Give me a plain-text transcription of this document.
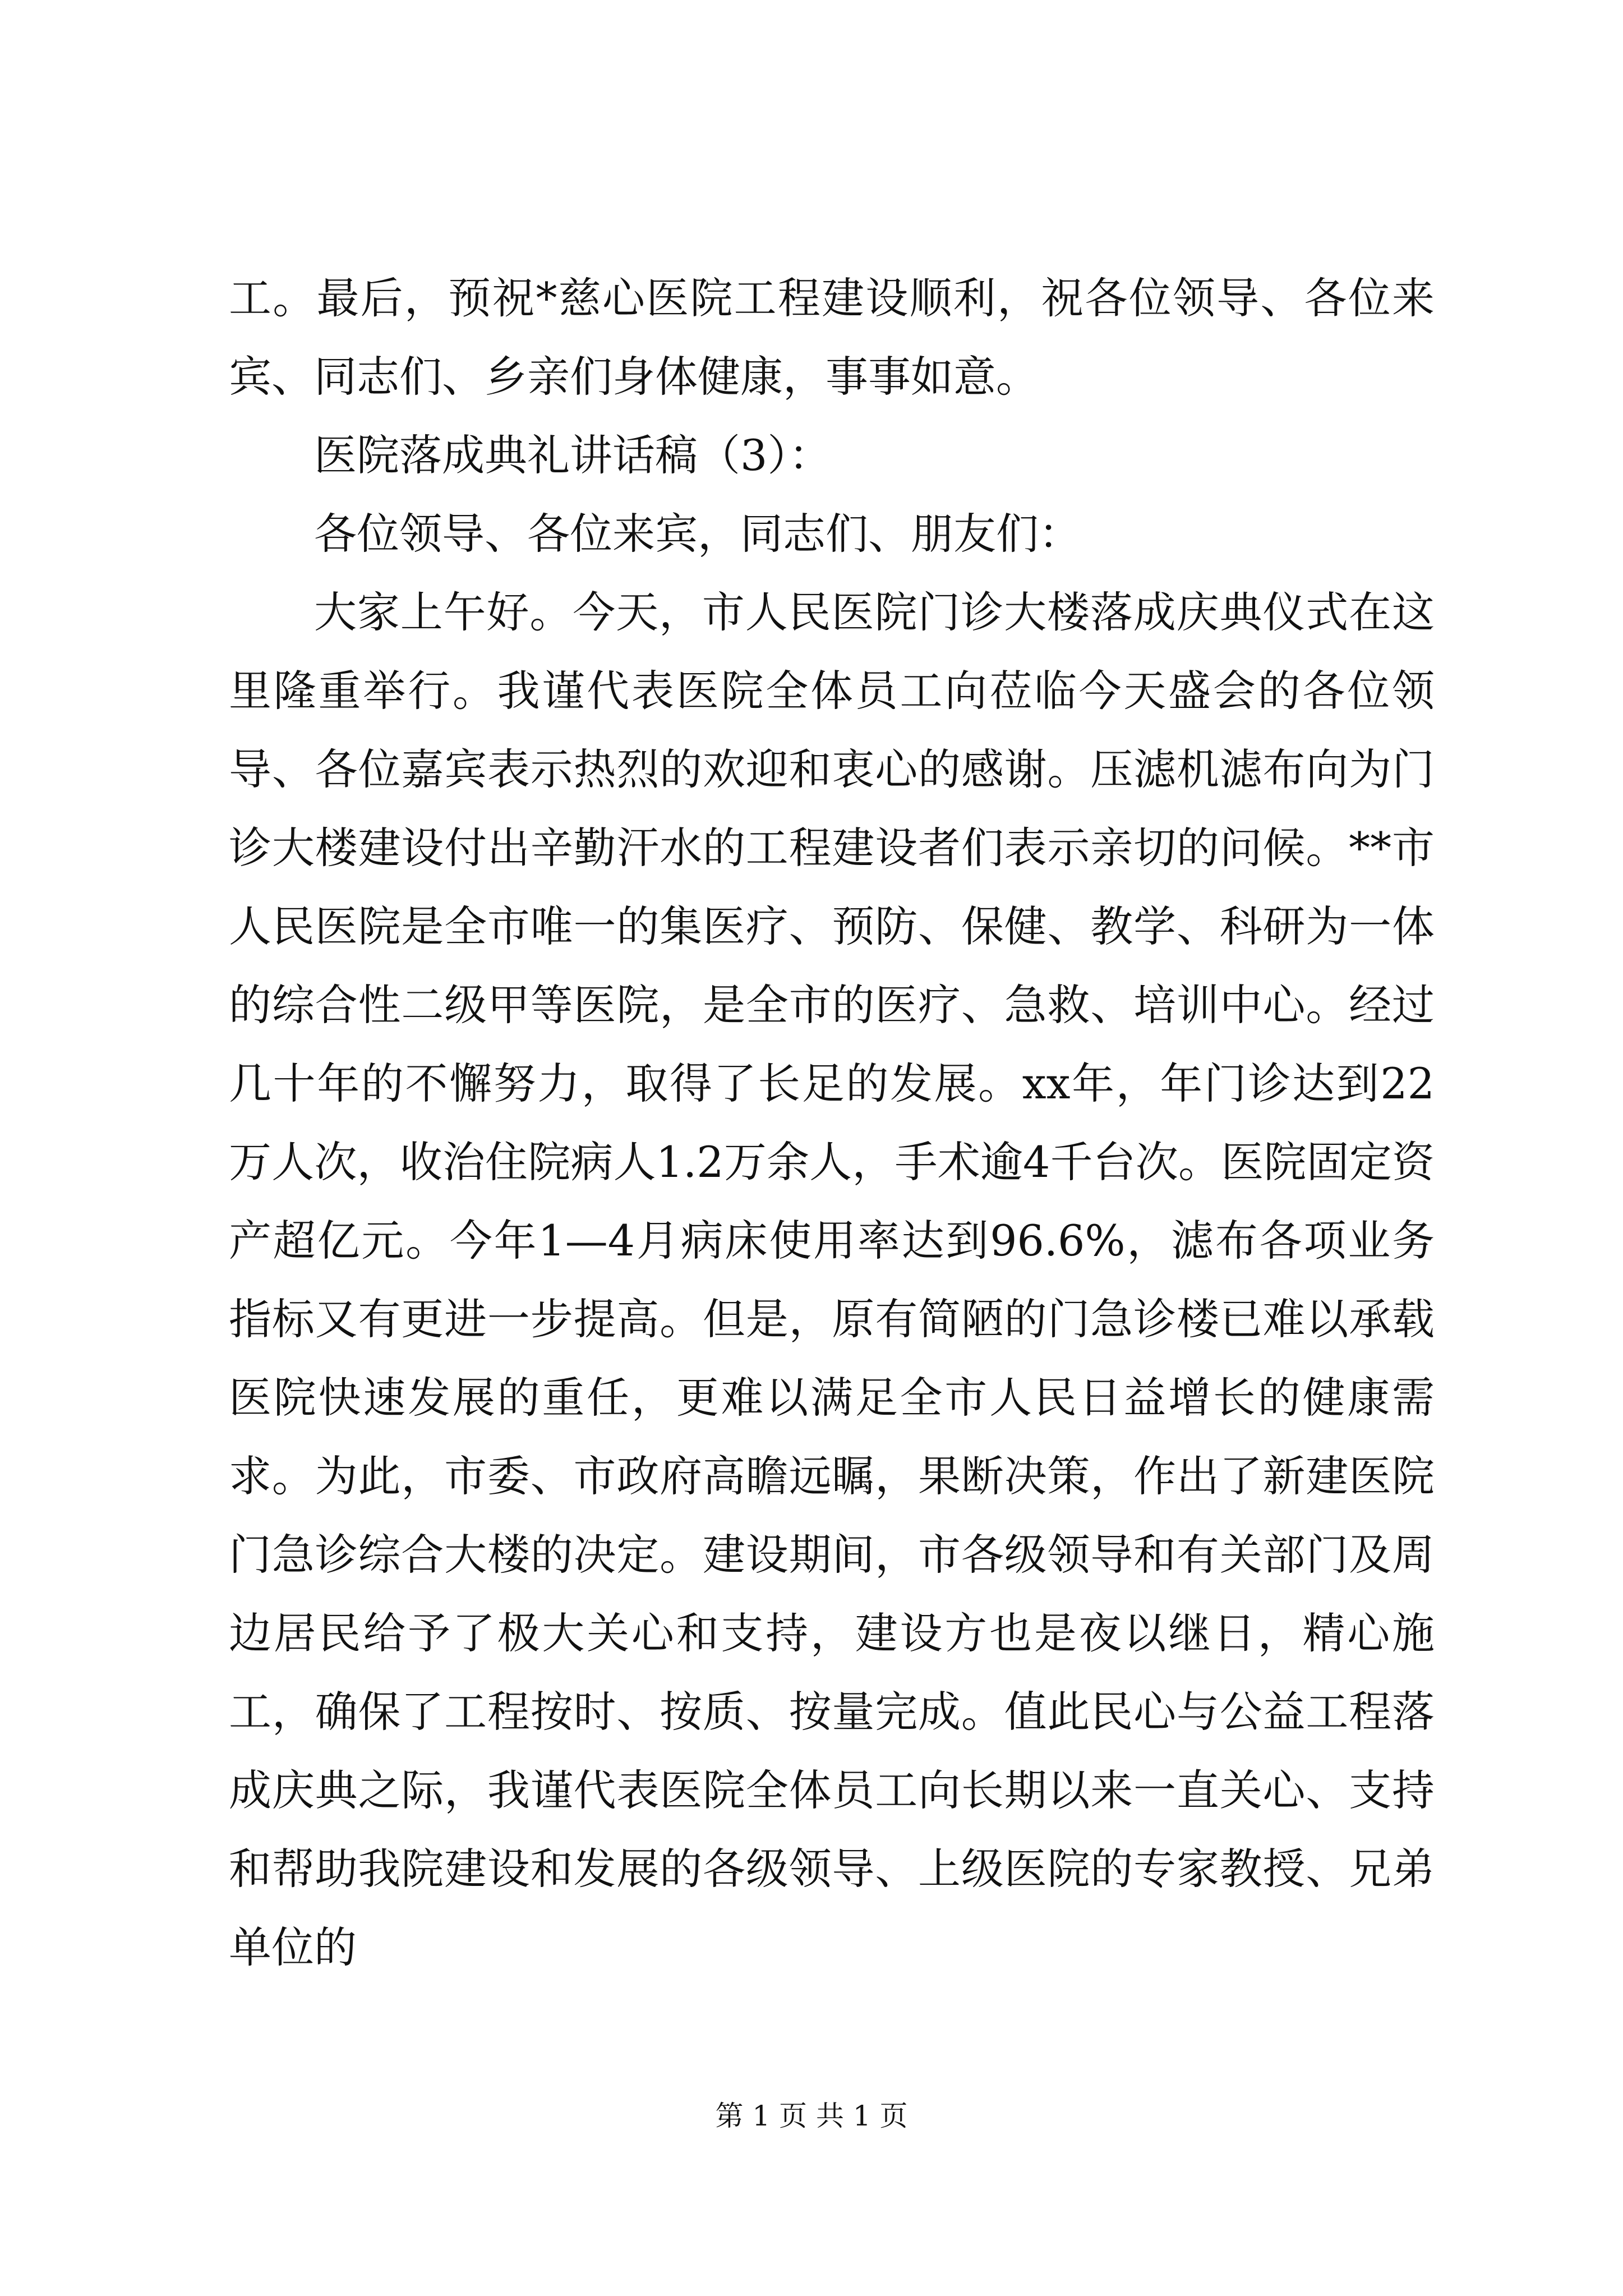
工。最后，预祝*慈心医院工程建设顺利，祝各位领导、各位来宾、同志们、乡亲们身体健康，事事如意。

医院落成典礼讲话稿（3）：

各位领导、各位来宾，同志们、朋友们：

大家上午好。今天，市人民医院门诊大楼落成庆典仪式在这里隆重举行。我谨代表医院全体员工向莅临今天盛会的各位领导、各位嘉宾表示热烈的欢迎和衷心的感谢。压滤机滤布向为门诊大楼建设付出辛勤汗水的工程建设者们表示亲切的问候。**市人民医院是全市唯一的集医疗、预防、保健、教学、科研为一体的综合性二级甲等医院，是全市的医疗、急救、培训中心。经过几十年的不懈努力，取得了长足的发展。xx年，年门诊达到22万人次，收治住院病人1.2万余人，手术逾4千台次。医院固定资产超亿元。今年1—4月病床使用率达到96.6%，滤布各项业务指标又有更进一步提高。但是，原有简陋的门急诊楼已难以承载医院快速发展的重任，更难以满足全市人民日益增长的健康需求。为此，市委、市政府高瞻远瞩，果断决策，作出了新建医院门急诊综合大楼的决定。建设期间，市各级领导和有关部门及周边居民给予了极大关心和支持，建设方也是夜以继日，精心施工，确保了工程按时、按质、按量完成。值此民心与公益工程落成庆典之际，我谨代表医院全体员工向长期以来一直关心、支持和帮助我院建设和发展的各级领导、上级医院的专家教授、兄弟单位的

第 1 页 共 1 页
